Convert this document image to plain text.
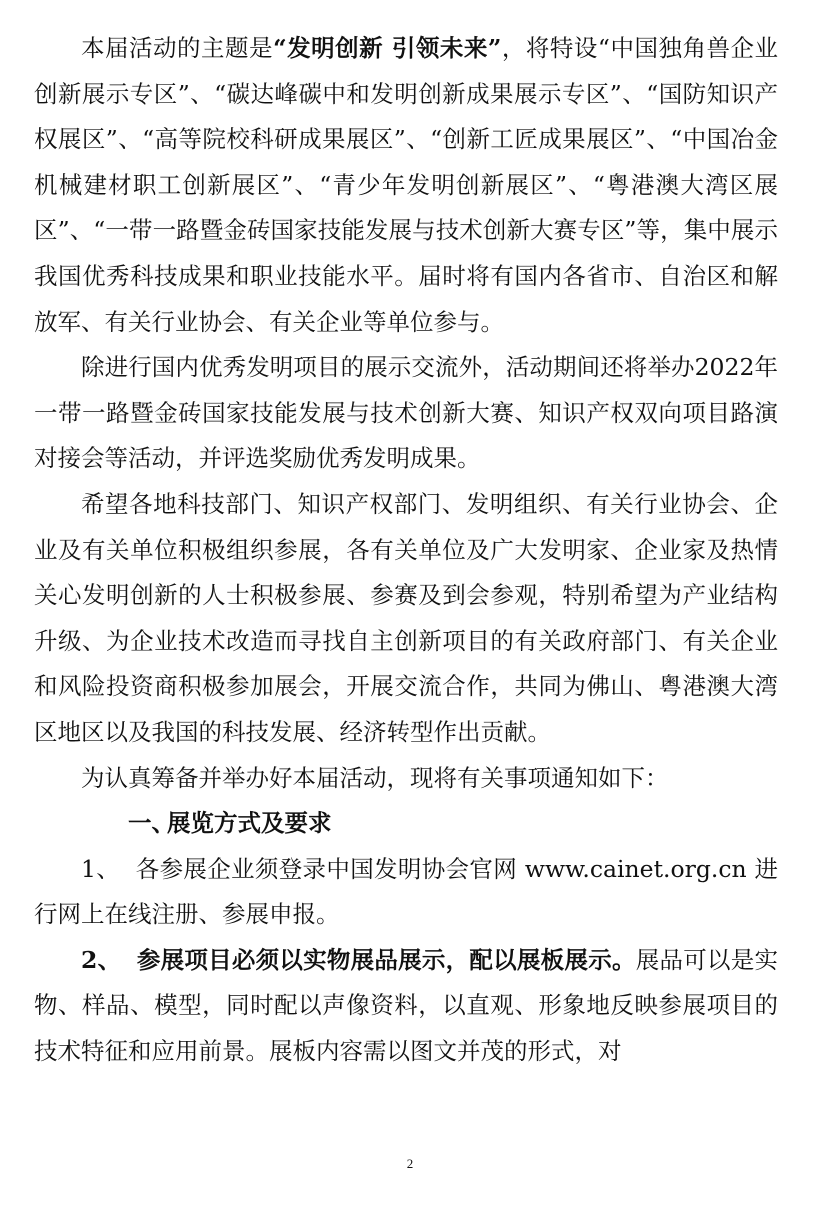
本届活动的主题是“发明创新 引领未来”，将特设“中国独角兽企业创新展示专区”、“碳达峰碳中和发明创新成果展示专区”、“国防知识产权展区”、“高等院校科研成果展区”、“创新工匠成果展区”、“中国冶金机械建材职工创新展区”、“青少年发明创新展区”、“粤港澳大湾区展区”、“一带一路暨金砖国家技能发展与技术创新大赛专区”等，集中展示我国优秀科技成果和职业技能水平。届时将有国内各省市、自治区和解放军、有关行业协会、有关企业等单位参与。

除进行国内优秀发明项目的展示交流外，活动期间还将举办2022年一带一路暨金砖国家技能发展与技术创新大赛、知识产权双向项目路演对接会等活动，并评选奖励优秀发明成果。

希望各地科技部门、知识产权部门、发明组织、有关行业协会、企业及有关单位积极组织参展，各有关单位及广大发明家、企业家及热情关心发明创新的人士积极参展、参赛及到会参观，特别希望为产业结构升级、为企业技术改造而寻找自主创新项目的有关政府部门、有关企业和风险投资商积极参加展会，开展交流合作，共同为佛山、粤港澳大湾区地区以及我国的科技发展、经济转型作出贡献。

为认真筹备并举办好本届活动，现将有关事项通知如下：

一、展览方式及要求

1、 各参展企业须登录中国发明协会官网 www.cainet.org.cn 进行网上在线注册、参展申报。

2、 参展项目必须以实物展品展示，配以展板展示。展品可以是实物、样品、模型，同时配以声像资料，以直观、形象地反映参展项目的技术特征和应用前景。展板内容需以图文并茂的形式，对

2
